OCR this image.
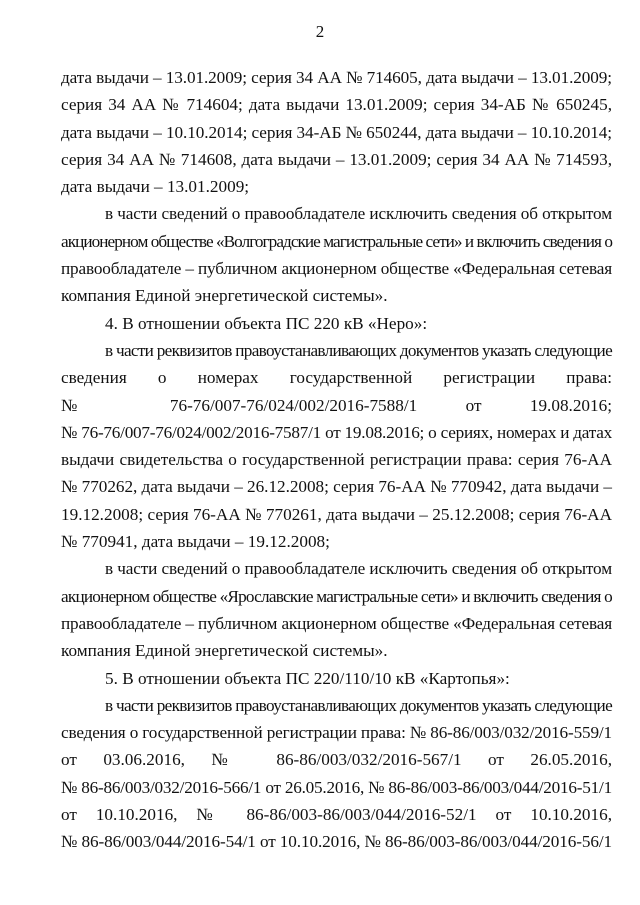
2
дата выдачи – 13.01.2009; серия 34 АА № 714605, дата выдачи – 13.01.2009;
серия 34 АА № 714604; дата выдачи 13.01.2009; серия 34-АБ № 650245,
дата выдачи – 10.10.2014; серия 34-АБ № 650244, дата выдачи – 10.10.2014;
серия 34 АА № 714608, дата выдачи – 13.01.2009; серия 34 АА № 714593,
дата выдачи – 13.01.2009;
в части сведений о правообладателе исключить сведения об открытом
акционерном обществе «Волгоградские магистральные сети» и включить сведения о
правообладателе – публичном акционерном обществе «Федеральная сетевая
компания Единой энергетической системы».
4. В отношении объекта ПС 220 кВ «Неро»:
в части реквизитов правоустанавливающих документов указать следующие
сведения о номерах государственной регистрации права:
№ 76-76/007-76/024/002/2016-7588/1 от 19.08.2016;
№ 76-76/007-76/024/002/2016-7587/1 от 19.08.2016; о сериях, номерах и датах
выдачи свидетельства о государственной регистрации права: серия 76-АА
№ 770262, дата выдачи – 26.12.2008; серия 76-АА № 770942, дата выдачи –
19.12.2008; серия 76-АА № 770261, дата выдачи – 25.12.2008; серия 76-АА
№ 770941, дата выдачи – 19.12.2008;
в части сведений о правообладателе исключить сведения об открытом
акционерном обществе «Ярославские магистральные сети» и включить сведения о
правообладателе – публичном акционерном обществе «Федеральная сетевая
компания Единой энергетической системы».
5. В отношении объекта ПС 220/110/10 кВ «Картопья»:
в части реквизитов правоустанавливающих документов указать следующие
сведения о государственной регистрации права: № 86-86/003/032/2016-559/1
от 03.06.2016, № 86-86/003/032/2016-567/1 от 26.05.2016,
№ 86-86/003/032/2016-566/1 от 26.05.2016, № 86-86/003-86/003/044/2016-51/1
от 10.10.2016, № 86-86/003-86/003/044/2016-52/1 от 10.10.2016,
№ 86-86/003/044/2016-54/1 от 10.10.2016, № 86-86/003-86/003/044/2016-56/1
